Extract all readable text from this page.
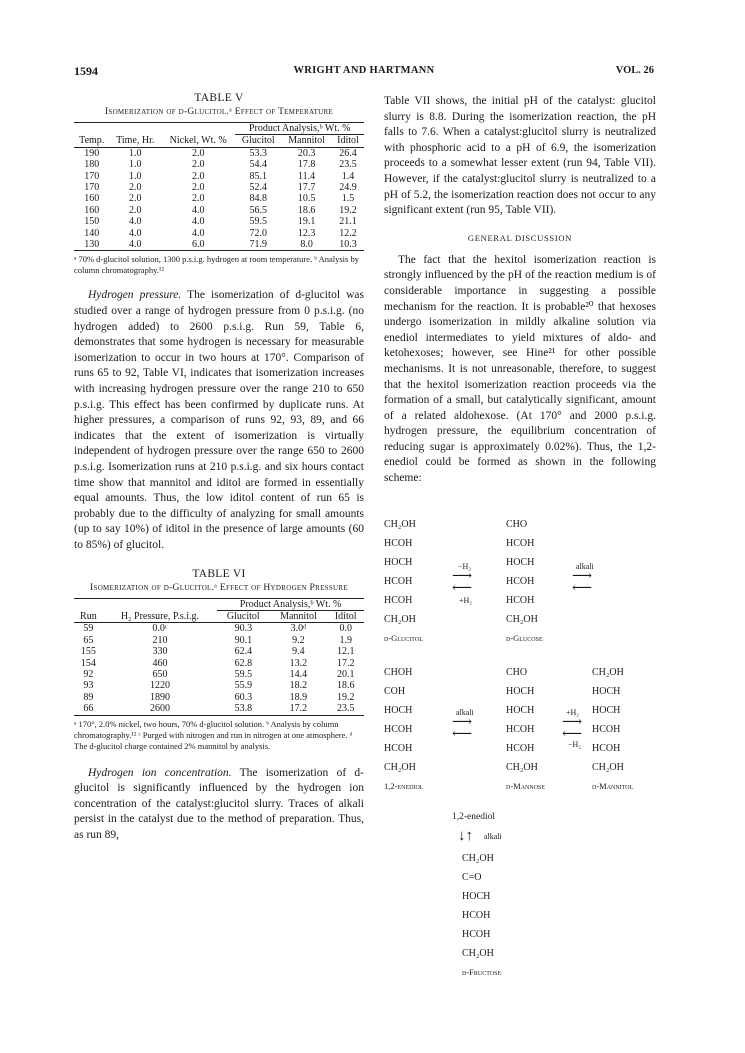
1594	WRIGHT AND HARTMANN	VOL. 26
TABLE V
Isomerization of d-Glucitol.ᵃ Effect of Temperature
			Product Analysis,ᵇ Wt. %		
Temp.	Time, Hr.	Nickel, Wt. %	Glucitol	Mannitol	Iditol
190	1.0	2.0	53.3	20.3	26.4
180	1.0	2.0	54.4	17.8	23.5
170	1.0	2.0	85.1	11.4	1.4
170	2.0	2.0	52.4	17.7	24.9
160	2.0	2.0	84.8	10.5	1.5
160	2.0	4.0	56.5	18.6	19.2
150	4.0	4.0	59.5	19.1	21.1
140	4.0	4.0	72.0	12.3	12.2
130	4.0	6.0	71.9	8.0	10.3
ᵃ 70% d-glucitol solution, 1300 p.s.i.g. hydrogen at room temperature. ᵇ Analysis by column chromatography.¹²

Hydrogen pressure. The isomerization of d-glucitol was studied over a range of hydrogen pressure from 0 p.s.i.g. (no hydrogen added) to 2600 p.s.i.g. Run 59, Table 6, demonstrates that some hydrogen is necessary for measurable isomerization to occur in two hours at 170°. Comparison of runs 65 to 92, Table VI, indicates that isomerization increases with increasing hydrogen pressure over the range 210 to 650 p.s.i.g. This effect has been confirmed by duplicate runs. At higher pressures, a comparison of runs 92, 93, 89, and 66 indicates that the extent of isomerization is virtually independent of hydrogen pressure over the range 650 to 2600 p.s.i.g. Isomerization runs at 210 p.s.i.g. and six hours contact time show that mannitol and iditol are formed in essentially equal amounts. Thus, the low iditol content of run 65 is probably due to the difficulty of analyzing for small amounts (up to say 10%) of iditol in the presence of large amounts (60 to 85%) of glucitol.

TABLE VI
Isomerization of d-Glucitol.ᵃ Effect of Hydrogen Pressure
		Product Analysis,ᵇ Wt. %		
Run	H₂ Pressure, P.s.i.g.	Glucitol	Mannitol	Iditol
59	0.0ᶜ	90.3	3.0ᵈ	0.0
65	210	90.1	9.2	1.9
155	330	62.4	9.4	12.1
154	460	62.8	13.2	17.2
92	650	59.5	14.4	20.1
93	1220	55.9	18.2	18.6
89	1890	60.3	18.9	19.2
66	2600	53.8	17.2	23.5
ᵃ 170°, 2.0% nickel, two hours, 70% d-glucitol solution. ᵇ Analysis by column chromatography.¹² ᶜ Purged with nitrogen and run in nitrogen at one atmosphere. ᵈ The d-glucitol charge contained 2% mannitol by analysis.

Hydrogen ion concentration. The isomerization of d-glucitol is significantly influenced by the hydrogen ion concentration of the catalyst:glucitol slurry. Traces of alkali persist in the catalyst due to the method of preparation. Thus, as run 89,

Table VII shows, the initial pH of the catalyst: glucitol slurry is 8.8. During the isomerization reaction, the pH falls to 7.6. When a catalyst:glucitol slurry is neutralized with phosphoric acid to a pH of 6.9, the isomerization proceeds to a somewhat lesser extent (run 94, Table VII). However, if the catalyst:glucitol slurry is neutralized to a pH of 5.2, the isomerization reaction does not occur to any significant extent (run 95, Table VII).

GENERAL DISCUSSION

The fact that the hexitol isomerization reaction is strongly influenced by the pH of the reaction medium is of considerable importance in suggesting a possible mechanism for the reaction. It is probable²⁰ that hexoses undergo isomerization in mildly alkaline solution via enediol intermediates to yield mixtures of aldo- and ketohexoses; however, see Hine²¹ for other possible mechanisms. It is not unreasonable, therefore, to suggest that the hexitol isomerization reaction proceeds via the formation of a small, but catalytically significant, amount of a related aldohexose. (At 170° and 2000 p.s.i.g. hydrogen pressure, the equilibrium concentration of reducing sugar is approximately 0.02%). Thus, the 1,2-enediol could be formed as shown in the following scheme:

CH₂OH
HCOH
HOCH
HCOH
HCOH
CH₂OH
d-Glucitol
CHO
HCOH
HOCH
HCOH
HCOH
CH₂OH
d-Glucose
−H₂
⟶
⟵
+H₂
alkali
⟶
⟵
CHOH
COH
HOCH
HCOH
HCOH
CH₂OH
1,2-enediol
CHO
HOCH
HOCH
HCOH
HCOH
CH₂OH
d-Mannose
CH₂OH
HOCH
HOCH
HCOH
HCOH
CH₂OH
d-Mannitol
alkali
⟶
⟵
+H₂
⟶
⟵
−H₂
1,2-enediol
↓↑ alkali
CH₂OH
C=O
HOCH
HCOH
HCOH
CH₂OH
d-Fructose
